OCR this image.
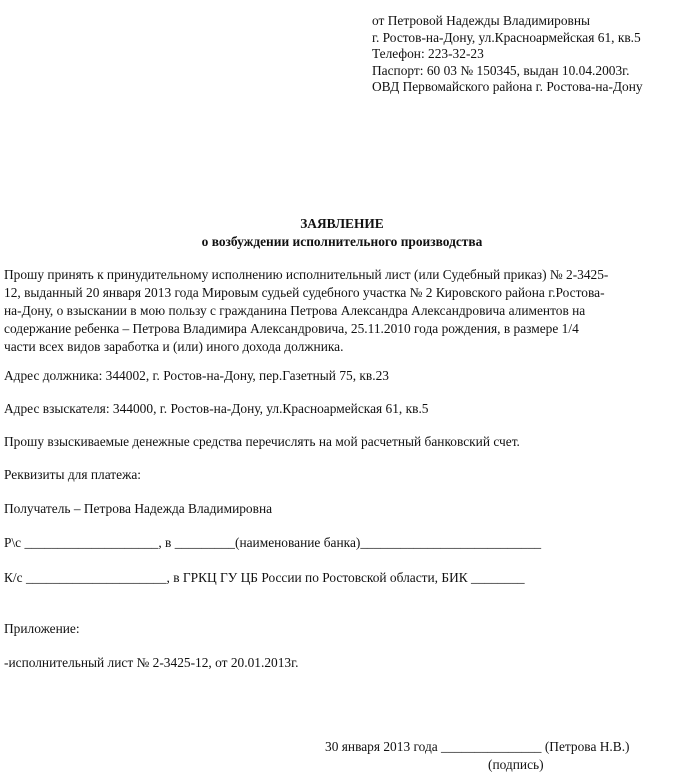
от Петровой Надежды Владимировны
г. Ростов-на-Дону, ул.Красноармейская 61, кв.5
Телефон: 223-32-23
Паспорт: 60 03 № 150345, выдан 10.04.2003г.
ОВД Первомайского района г. Ростова-на-Дону
ЗАЯВЛЕНИЕ
о возбуждении исполнительного производства
Прошу принять к принудительному исполнению исполнительный лист (или Судебный приказ) № 2-3425-
12, выданный 20 января 2013 года Мировым судьей судебного участка № 2 Кировского района г.Ростова-
на-Дону, о взыскании в мою пользу с гражданина Петрова Александра Александровича алиментов на
содержание ребенка – Петрова Владимира Александровича, 25.11.2010 года рождения, в размере 1/4
части всех видов заработка и (или) иного дохода должника.
Адрес должника: 344002, г. Ростов-на-Дону, пер.Газетный 75, кв.23
Адрес взыскателя: 344000, г. Ростов-на-Дону, ул.Красноармейская 61, кв.5
Прошу взыскиваемые денежные средства перечислять на мой расчетный банковский счет.
Реквизиты для платежа:
Получатель – Петрова Надежда Владимировна
Р\с ____________________, в _________(наименование банка)___________________________
К/с _____________________, в ГРКЦ ГУ ЦБ России по Ростовской области, БИК ________
Приложение:
-исполнительный лист № 2-3425-12, от 20.01.2013г.
30 января 2013 года _______________ (Петрова Н.В.)
(подпись)
